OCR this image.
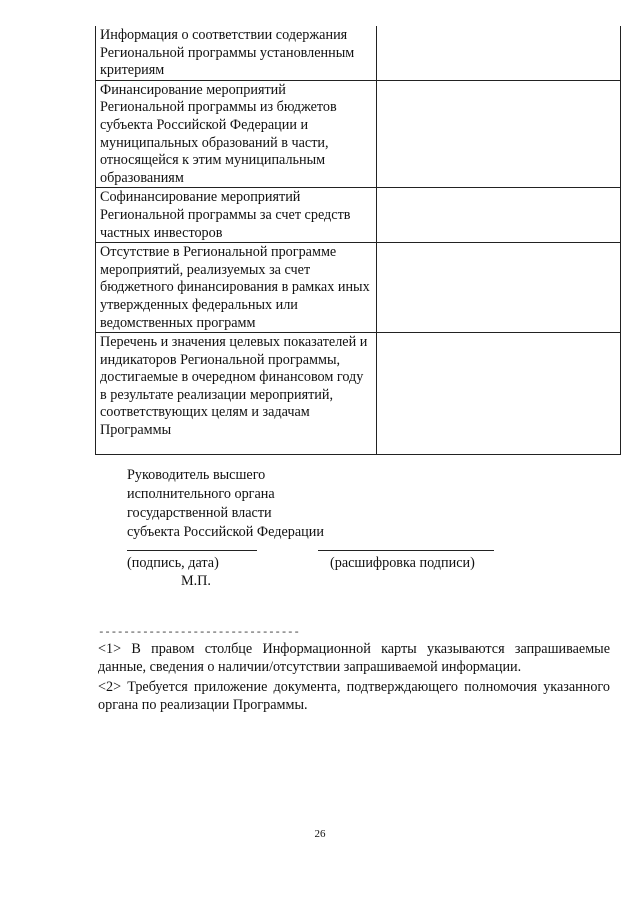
Информация о соответствии содержания Региональной программы установленным критериям	
Финансирование мероприятий Региональной программы из бюджетов субъекта Российской Федерации и муниципальных образований в части, относящейся к этим муниципальным образованиям	
Софинансирование мероприятий Региональной программы за счет средств частных инвесторов	
Отсутствие в Региональной программе мероприятий, реализуемых за счет бюджетного финансирования в рамках иных утвержденных федеральных или ведомственных программ	
Перечень и значения целевых показателей и индикаторов Региональной программы, достигаемые в очередном финансовом году в результате реализации мероприятий, соответствующих целям и задачам Программы	
Руководитель высшего
исполнительного органа
государственной власти
субъекта Российской Федерации
(подпись, дата)	(расшифровка подписи)
М.П.
--------------------------------

<1> В правом столбце Информационной карты указываются запрашиваемые данные, сведения о наличии/отсутствии запрашиваемой информации.

<2> Требуется приложение документа, подтверждающего полномочия указанного органа по реализации Программы.

26
